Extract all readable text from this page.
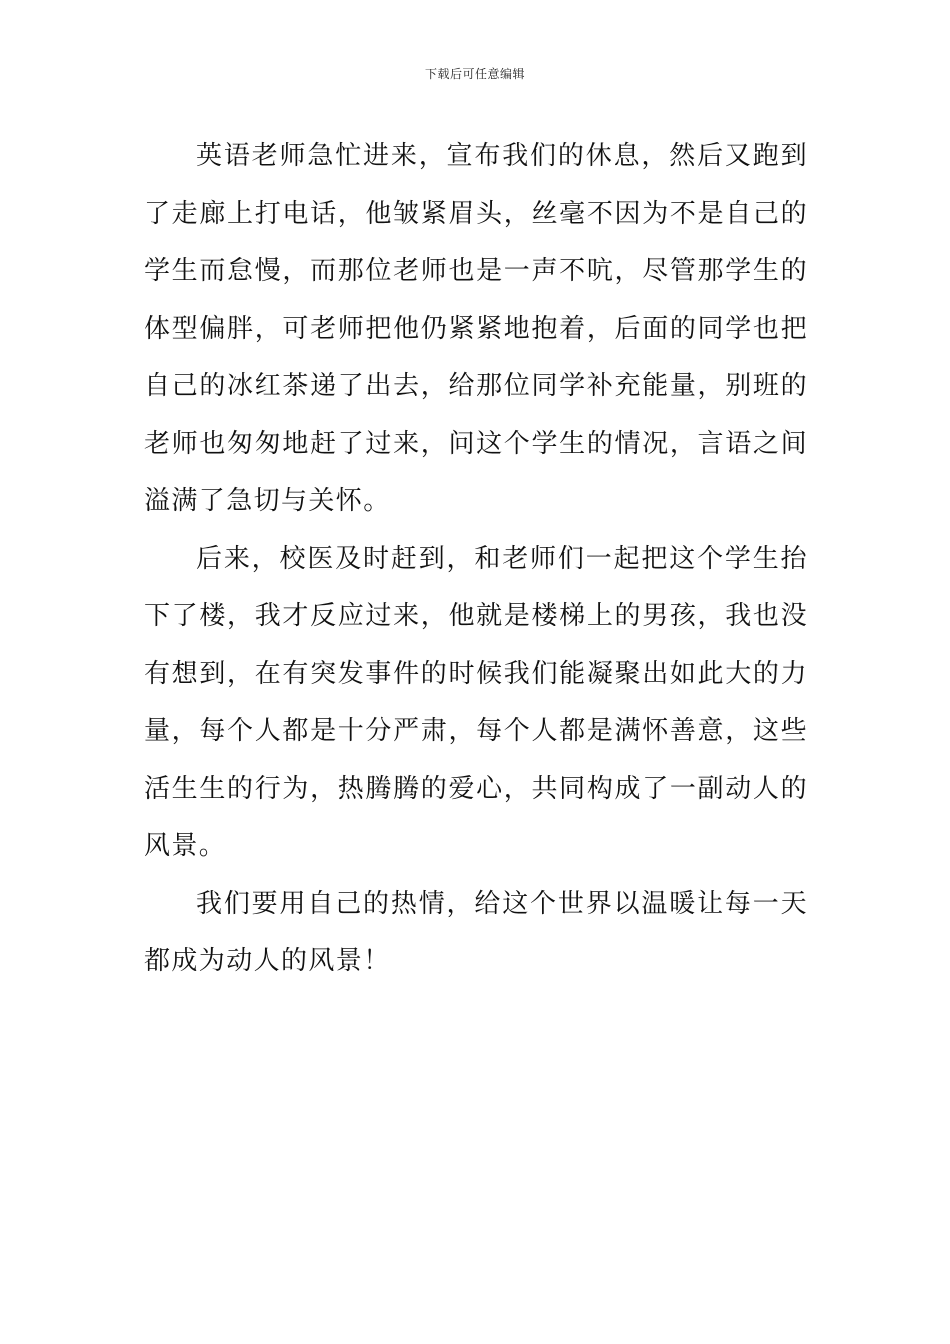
下载后可任意编辑

英语老师急忙进来，宣布我们的休息，然后又跑到了走廊上打电话，他皱紧眉头，丝毫不因为不是自己的学生而怠慢，而那位老师也是一声不吭，尽管那学生的体型偏胖，可老师把他仍紧紧地抱着，后面的同学也把自己的冰红茶递了出去，给那位同学补充能量，别班的老师也匆匆地赶了过来，问这个学生的情况，言语之间溢满了急切与关怀。

后来，校医及时赶到，和老师们一起把这个学生抬下了楼，我才反应过来，他就是楼梯上的男孩，我也没有想到，在有突发事件的时候我们能凝聚出如此大的力量，每个人都是十分严肃，每个人都是满怀善意，这些活生生的行为，热腾腾的爱心，共同构成了一副动人的风景。

我们要用自己的热情，给这个世界以温暖让每一天都成为动人的风景！
